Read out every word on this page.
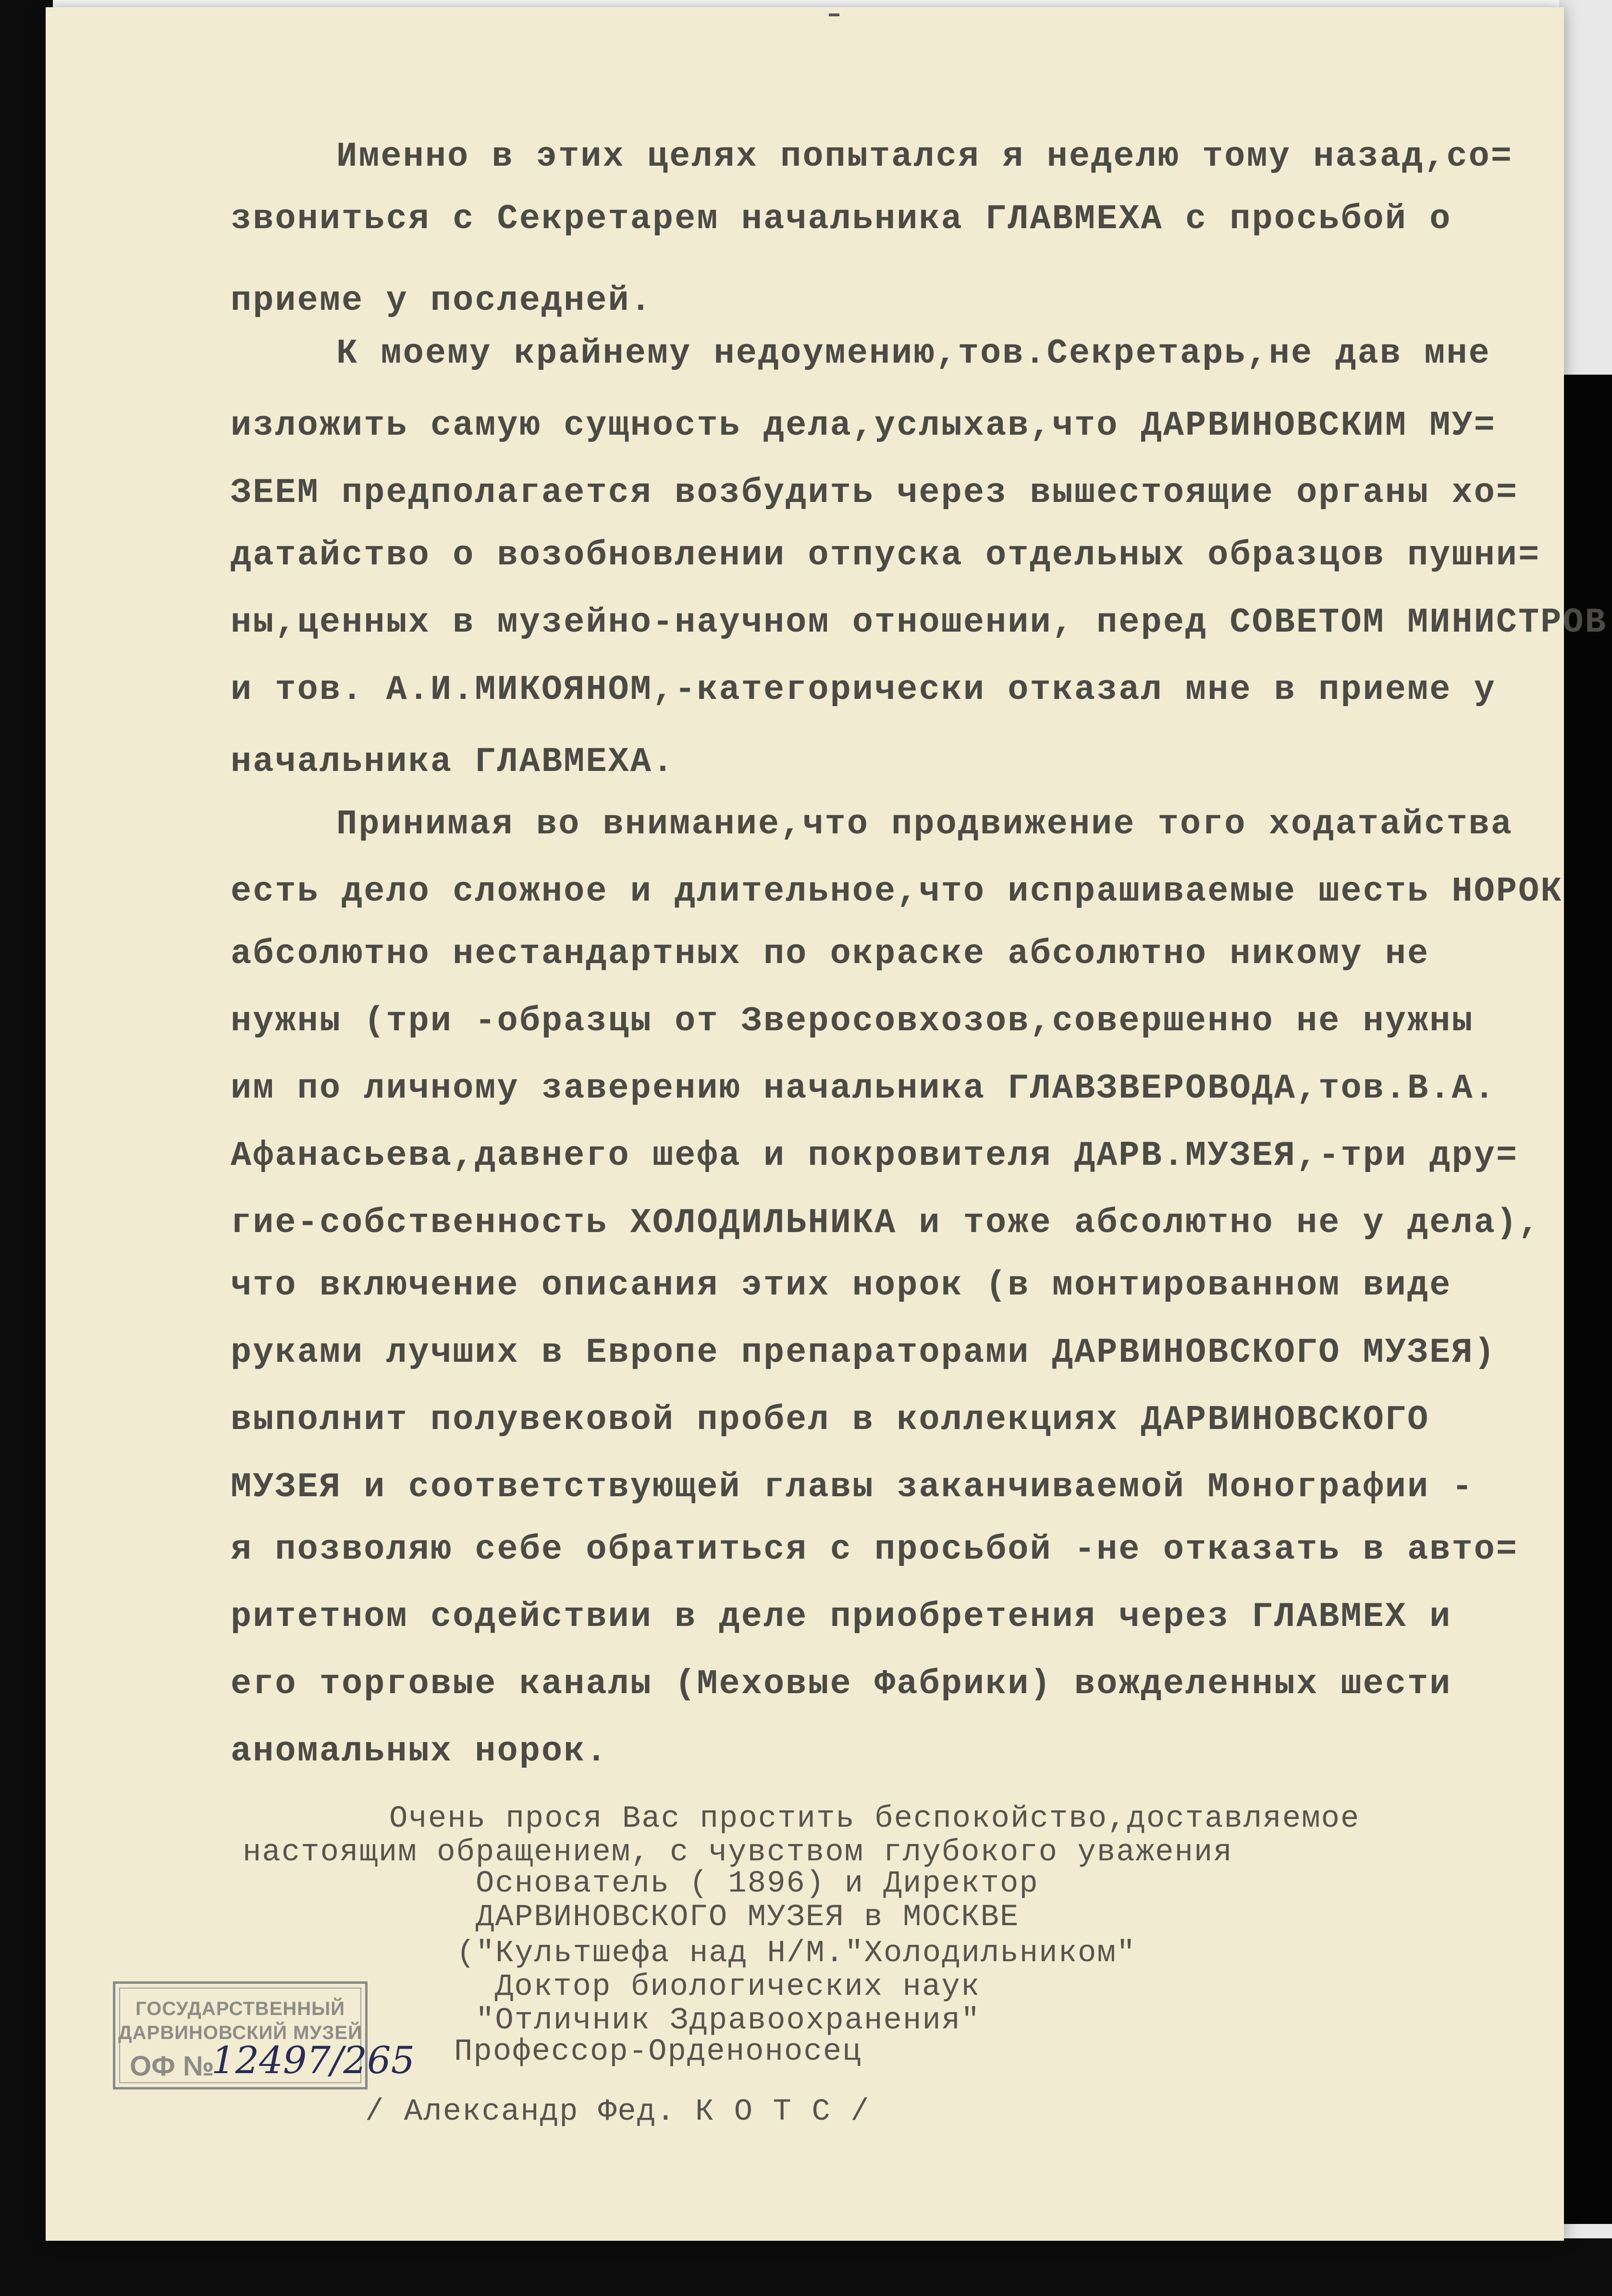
Именно в этих целях попытался я неделю тому назад,со=
звониться с Секретарем начальника ГЛАВМЕХА с просьбой о
приеме у последней.
К моему крайнему недоумению,тов.Секретарь,не дав мне
изложить самую сущность дела,услыхав,что ДАРВИНОВСКИМ МУ=
ЗЕЕМ предполагается возбудить через вышестоящие органы хо=
датайство о возобновлении отпуска отдельных образцов пушни=
ны,ценных в музейно-научном отношении, перед СОВЕТОМ МИНИСТРОВ
и тов. А.И.МИКОЯНОМ,-категорически отказал мне в приеме у
начальника ГЛАВМЕХА.
Принимая во внимание,что продвижение того ходатайства
есть дело сложное и длительное,что испрашиваемые шесть НОРОК
абсолютно нестандартных по окраске абсолютно никому не
нужны (три -образцы от Зверосовхозов,совершенно не нужны
им по личному заверению начальника ГЛАВЗВЕРОВОДА,тов.В.А.
Афанасьева,давнего шефа и покровителя ДАРВ.МУЗЕЯ,-три дру=
гие-собственность ХОЛОДИЛЬНИКА и тоже абсолютно не у дела),
что включение описания этих норок (в монтированном виде
руками лучших в Европе препараторами ДАРВИНОВСКОГО МУЗЕЯ)
выполнит полувековой пробел в коллекциях ДАРВИНОВСКОГО
МУЗЕЯ и соответствующей главы заканчиваемой Монографии -
я позволяю себе обратиться с просьбой -не отказать в авто=
ритетном содействии в деле приобретения через ГЛАВМЕХ и
его торговые каналы (Меховые Фабрики) вожделенных шести
аномальных норок.
Очень прося Вас простить беспокойство,доставляемое
настоящим обращением, с чувством глубокого уважения
Основатель ( 1896) и Директор
ДАРВИНОВСКОГО МУЗЕЯ в МОСКВЕ
("Культшефа над Н/М."Холодильником"
Доктор биологических наук
"Отличник Здравоохранения"
Профессор-Орденоносец
/ Александр Фед. К О Т С /
ГОСУДАРСТВЕННЫЙ
ДАРВИНОВСКИЙ МУЗЕЙ
ОФ №
12497/265
